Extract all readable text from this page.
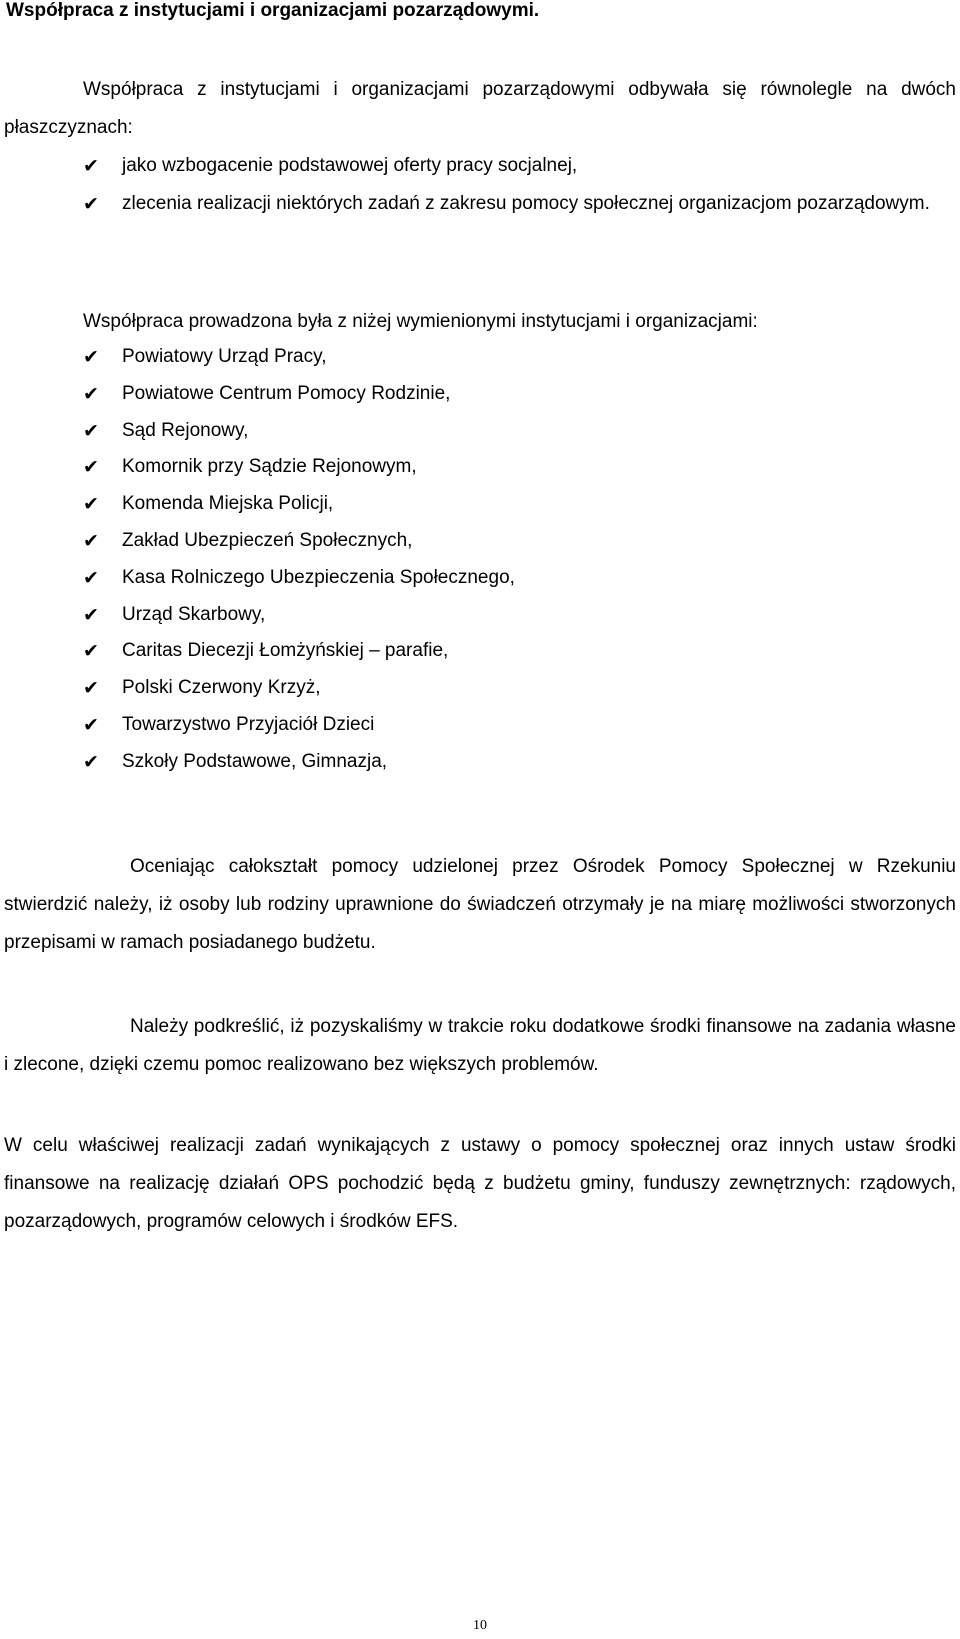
Współpraca z instytucjami i organizacjami pozarządowymi.
Współpraca z instytucjami i organizacjami pozarządowymi odbywała się równolegle na dwóch płaszczyznach:
✔ jako wzbogacenie podstawowej oferty pracy socjalnej,
✔ zlecenia realizacji niektórych zadań z zakresu pomocy społecznej organizacjom pozarządowym.
Współpraca prowadzona była z niżej wymienionymi instytucjami i organizacjami:
✔ Powiatowy Urząd Pracy,
✔ Powiatowe Centrum Pomocy Rodzinie,
✔ Sąd Rejonowy,
✔ Komornik przy Sądzie Rejonowym,
✔ Komenda Miejska Policji,
✔ Zakład Ubezpieczeń Społecznych,
✔ Kasa Rolniczego Ubezpieczenia Społecznego,
✔ Urząd Skarbowy,
✔ Caritas Diecezji Łomżyńskiej – parafie,
✔ Polski Czerwony Krzyż,
✔ Towarzystwo Przyjaciół Dzieci
✔ Szkoły Podstawowe, Gimnazja,
Oceniając całokształt pomocy udzielonej przez Ośrodek Pomocy Społecznej w Rzekuniu stwierdzić należy, iż osoby lub rodziny uprawnione do świadczeń otrzymały je na miarę możliwości stworzonych przepisami w ramach posiadanego budżetu.
Należy podkreślić, iż pozyskaliśmy w trakcie roku dodatkowe środki finansowe na zadania własne i zlecone, dzięki czemu pomoc realizowano bez większych problemów.
W celu właściwej realizacji zadań wynikających z ustawy o pomocy społecznej oraz innych ustaw środki finansowe na realizację działań OPS pochodzić będą z budżetu gminy, funduszy zewnętrznych: rządowych, pozarządowych, programów celowych i środków EFS.
10
